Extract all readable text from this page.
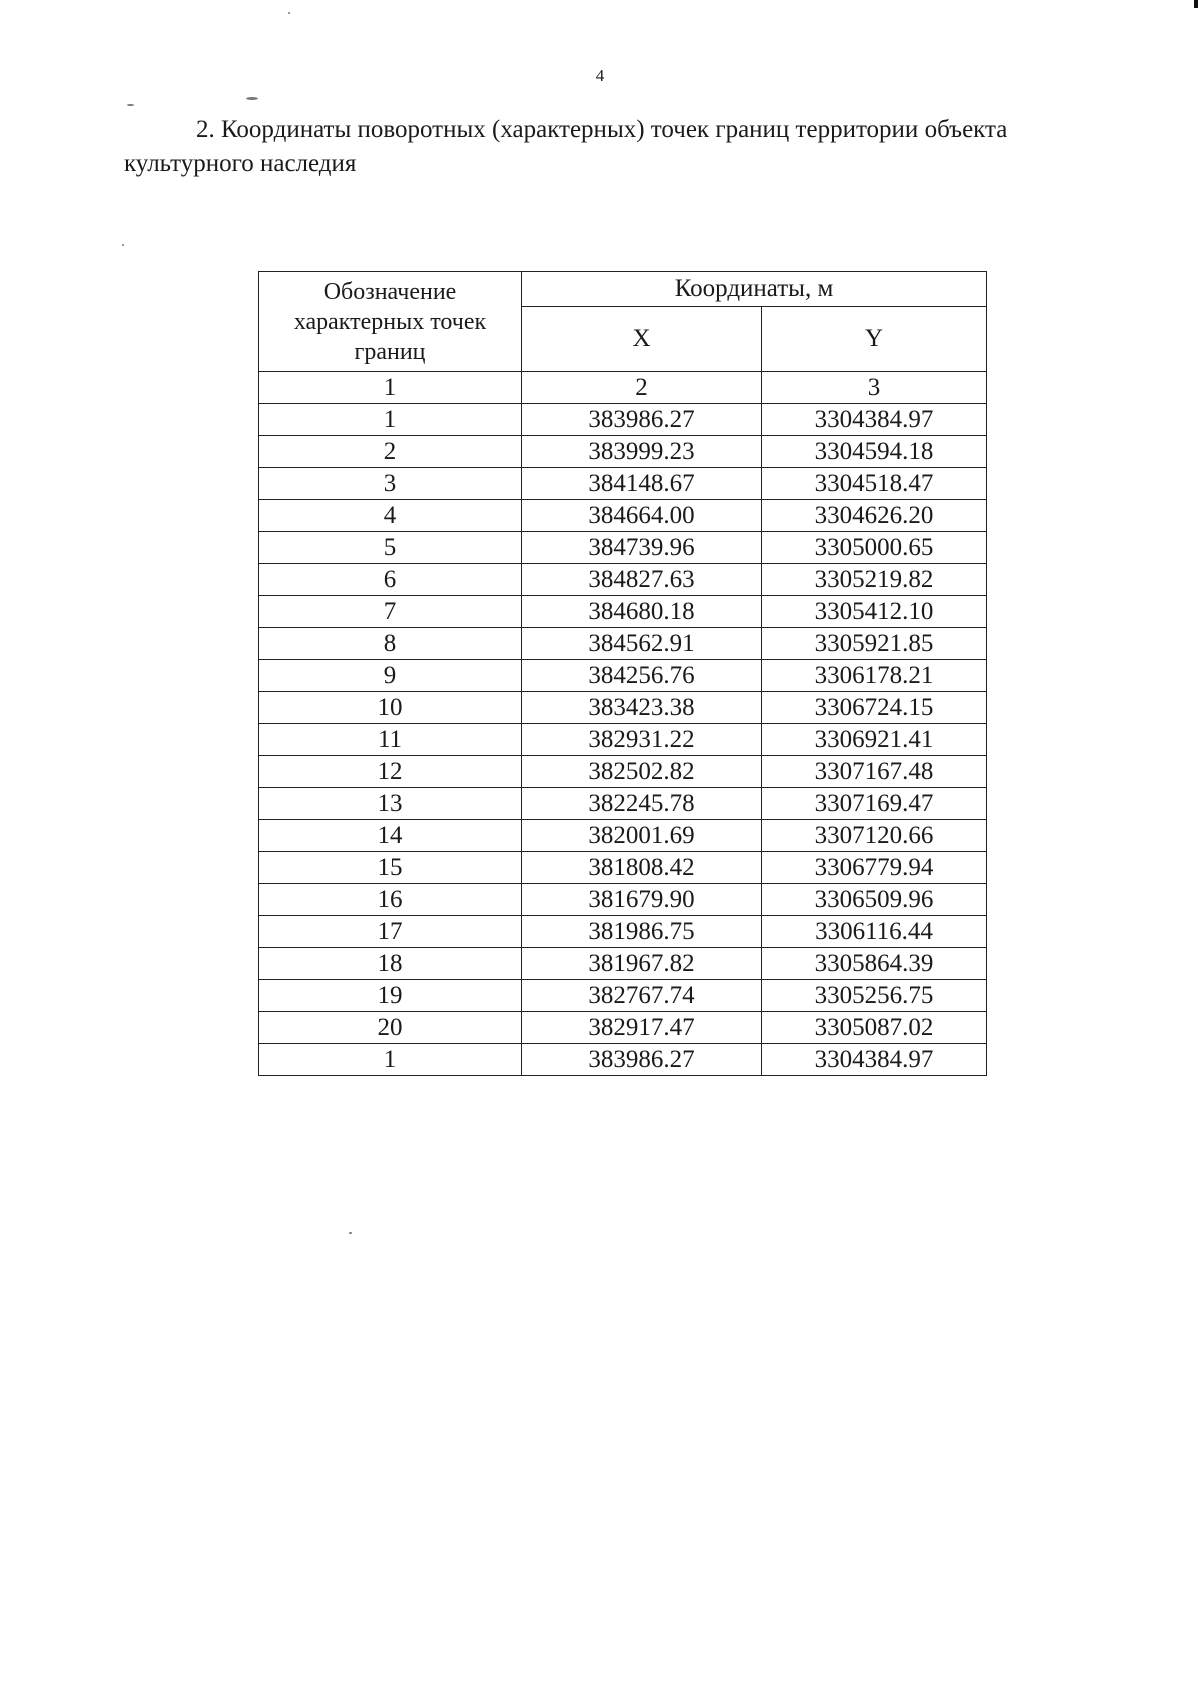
4

2. Координаты поворотных (характерных) точек границ территории объекта культурного наследия

Обозначение характерных точек границ	Координаты, м	
	X	Y
1	2	3
1	383986.27	3304384.97
2	383999.23	3304594.18
3	384148.67	3304518.47
4	384664.00	3304626.20
5	384739.96	3305000.65
6	384827.63	3305219.82
7	384680.18	3305412.10
8	384562.91	3305921.85
9	384256.76	3306178.21
10	383423.38	3306724.15
11	382931.22	3306921.41
12	382502.82	3307167.48
13	382245.78	3307169.47
14	382001.69	3307120.66
15	381808.42	3306779.94
16	381679.90	3306509.96
17	381986.75	3306116.44
18	381967.82	3305864.39
19	382767.74	3305256.75
20	382917.47	3305087.02
1	383986.27	3304384.97
